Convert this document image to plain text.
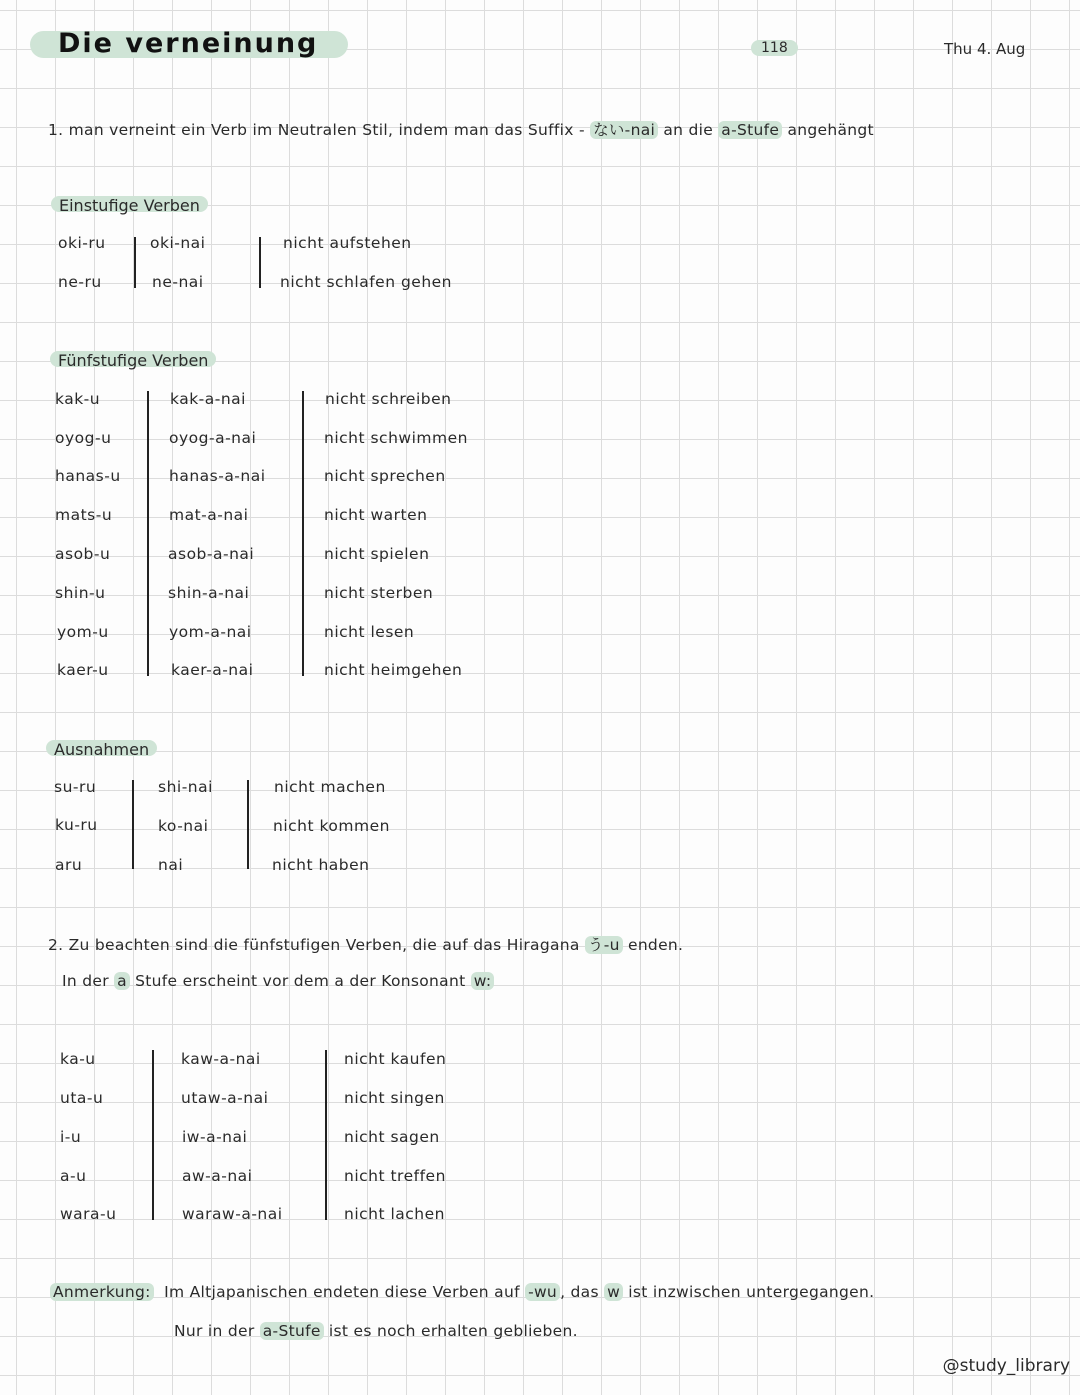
Die verneinung	118	Thu 4. Aug
1. man verneint ein Verb im Neutralen Stil, indem man das Suffix - ない-nai an die a-Stufe angehängt
Einstufige Verben
oki-ru	oki-nai	nicht aufstehen
ne-ru	ne-nai	nicht schlafen gehen
Fünfstufige Verben
kak-u	kak-a-nai	nicht schreiben
oyog-u	oyog-a-nai	nicht schwimmen
hanas-u	hanas-a-nai	nicht sprechen
mats-u	mat-a-nai	nicht warten
asob-u	asob-a-nai	nicht spielen
shin-u	shin-a-nai	nicht sterben
yom-u	yom-a-nai	nicht lesen
kaer-u	kaer-a-nai	nicht heimgehen
Ausnahmen
su-ru	shi-nai	nicht machen
ku-ru	ko-nai	nicht kommen
aru	nai	nicht haben
2. Zu beachten sind die fünfstufigen Verben, die auf das Hiragana う-u enden.
In der a Stufe erscheint vor dem a der Konsonant w:
ka-u	kaw-a-nai	nicht kaufen
uta-u	utaw-a-nai	nicht singen
i-u	iw-a-nai	nicht sagen
a-u	aw-a-nai	nicht treffen
wara-u	waraw-a-nai	nicht lachen
Anmerkung: Im Altjapanischen endeten diese Verben auf -wu , das w ist inzwischen untergegangen.
Nur in der a-Stufe ist es noch erhalten geblieben.
@study_library
